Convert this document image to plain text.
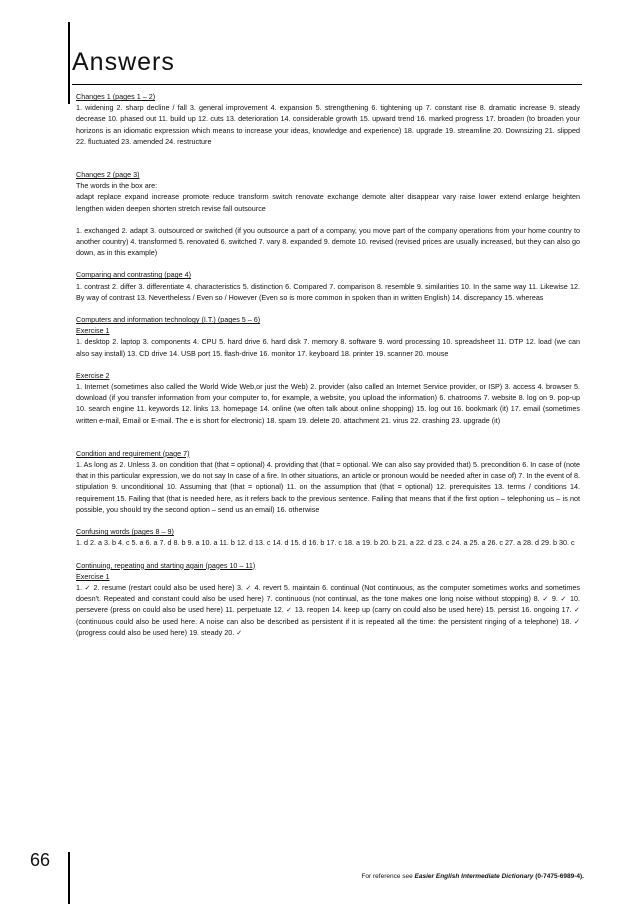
Answers

Changes 1 (pages 1 – 2)

1. widening 2. sharp decline / fall 3. general improvement 4. expansion 5. strengthening 6. tightening up 7. constant rise 8. dramatic increase 9. steady decrease 10. phased out 11. build up 12. cuts 13. deterioration 14. considerable growth 15. upward trend 16. marked progress 17. broaden (to broaden your horizons is an idiomatic expression which means to increase your ideas, knowledge and experience) 18. upgrade 19. streamline 20. Downsizing 21. slipped 22. fluctuated 23. amended 24. restructure

Changes 2 (page 3)

The words in the box are:

adapt replace expand increase promote reduce transform switch renovate exchange demote alter disappear vary raise lower extend enlarge heighten lengthen widen deepen shorten stretch revise fall outsource

1. exchanged 2. adapt 3. outsourced or switched (if you outsource a part of a company, you move part of the company operations from your home country to another country) 4. transformed 5. renovated 6. switched 7. vary 8. expanded 9. demote 10. revised (revised prices are usually increased, but they can also go down, as in this example)

Comparing and contrasting (page 4)

1. contrast 2. differ 3. differentiate 4. characteristics 5. distinction 6. Compared 7. comparison 8. resemble 9. similarities 10. In the same way 11. Likewise 12. By way of contrast 13. Nevertheless / Even so / However (Even so is more common in spoken than in written English) 14. discrepancy 15. whereas

Computers and information technology (I.T.) (pages 5 – 6)

Exercise 1

1. desktop 2. laptop 3. components 4. CPU 5. hard drive 6. hard disk 7. memory 8. software 9. word processing 10. spreadsheet 11. DTP 12. load (we can also say install) 13. CD drive 14. USB port 15. flash-drive 16. monitor 17. keyboard 18. printer 19. scanner 20. mouse

Exercise 2

1. Internet (sometimes also called the World Wide Web,or just the Web) 2. provider (also called an Internet Service provider, or ISP) 3. access 4. browser 5. download (if you transfer information from your computer to, for example, a website, you upload the information) 6. chatrooms 7. website 8. log on 9. pop-up 10. search engine 11. keywords 12. links 13. homepage 14. online (we often talk about online shopping) 15. log out 16. bookmark (it) 17. email (sometimes written e-mail, Email or E-mail. The e is short for electronic) 18. spam 19. delete 20. attachment 21. virus 22. crashing 23. upgrade (it)

Condition and requirement (page 7)

1. As long as 2. Unless 3. on condition that (that = optional) 4. providing that (that = optional. We can also say provided that) 5. precondition 6. In case of (note that in this particular expression, we do not say In case of a fire. In other situations, an article or pronoun would be needed after in case of) 7. In the event of 8. stipulation 9. unconditional 10. Assuming that (that = optional) 11. on the assumption that (that = optional) 12. prerequisites 13. terms / conditions 14. requirement 15. Failing that (that is needed here, as it refers back to the previous sentence. Failing that means that if the first option – telephoning us – is not possible, you should try the second option – send us an email) 16. otherwise

Confusing words (pages 8 – 9)

1. d 2. a 3. b 4. c 5. a 6. a 7. d 8. b 9. a 10. a 11. b 12. d 13. c 14. d 15. d 16. b 17. c 18. a 19. b 20. b 21. a 22. d 23. c 24. a 25. a 26. c 27. a 28. d 29. b 30. c

Continuing, repeating and starting again (pages 10 – 11)

Exercise 1

1. ✓ 2. resume (restart could also be used here) 3. ✓ 4. revert 5. maintain 6. continual (Not continuous, as the computer sometimes works and sometimes doesn't. Repeated and constant could also be used here) 7. continuous (not continual, as the tone makes one long noise without stopping) 8. ✓ 9. ✓ 10. persevere (press on could also be used here) 11. perpetuate 12. ✓ 13. reopen 14. keep up (carry on could also be used here) 15. persist 16. ongoing 17. ✓ (continuous could also be used here. A noise can also be described as persistent if it is repeated all the time: the persistent ringing of a telephone) 18. ✓ (progress could also be used here) 19. steady 20. ✓

66
For reference see Easier English Intermediate Dictionary (0-7475-6989-4).
